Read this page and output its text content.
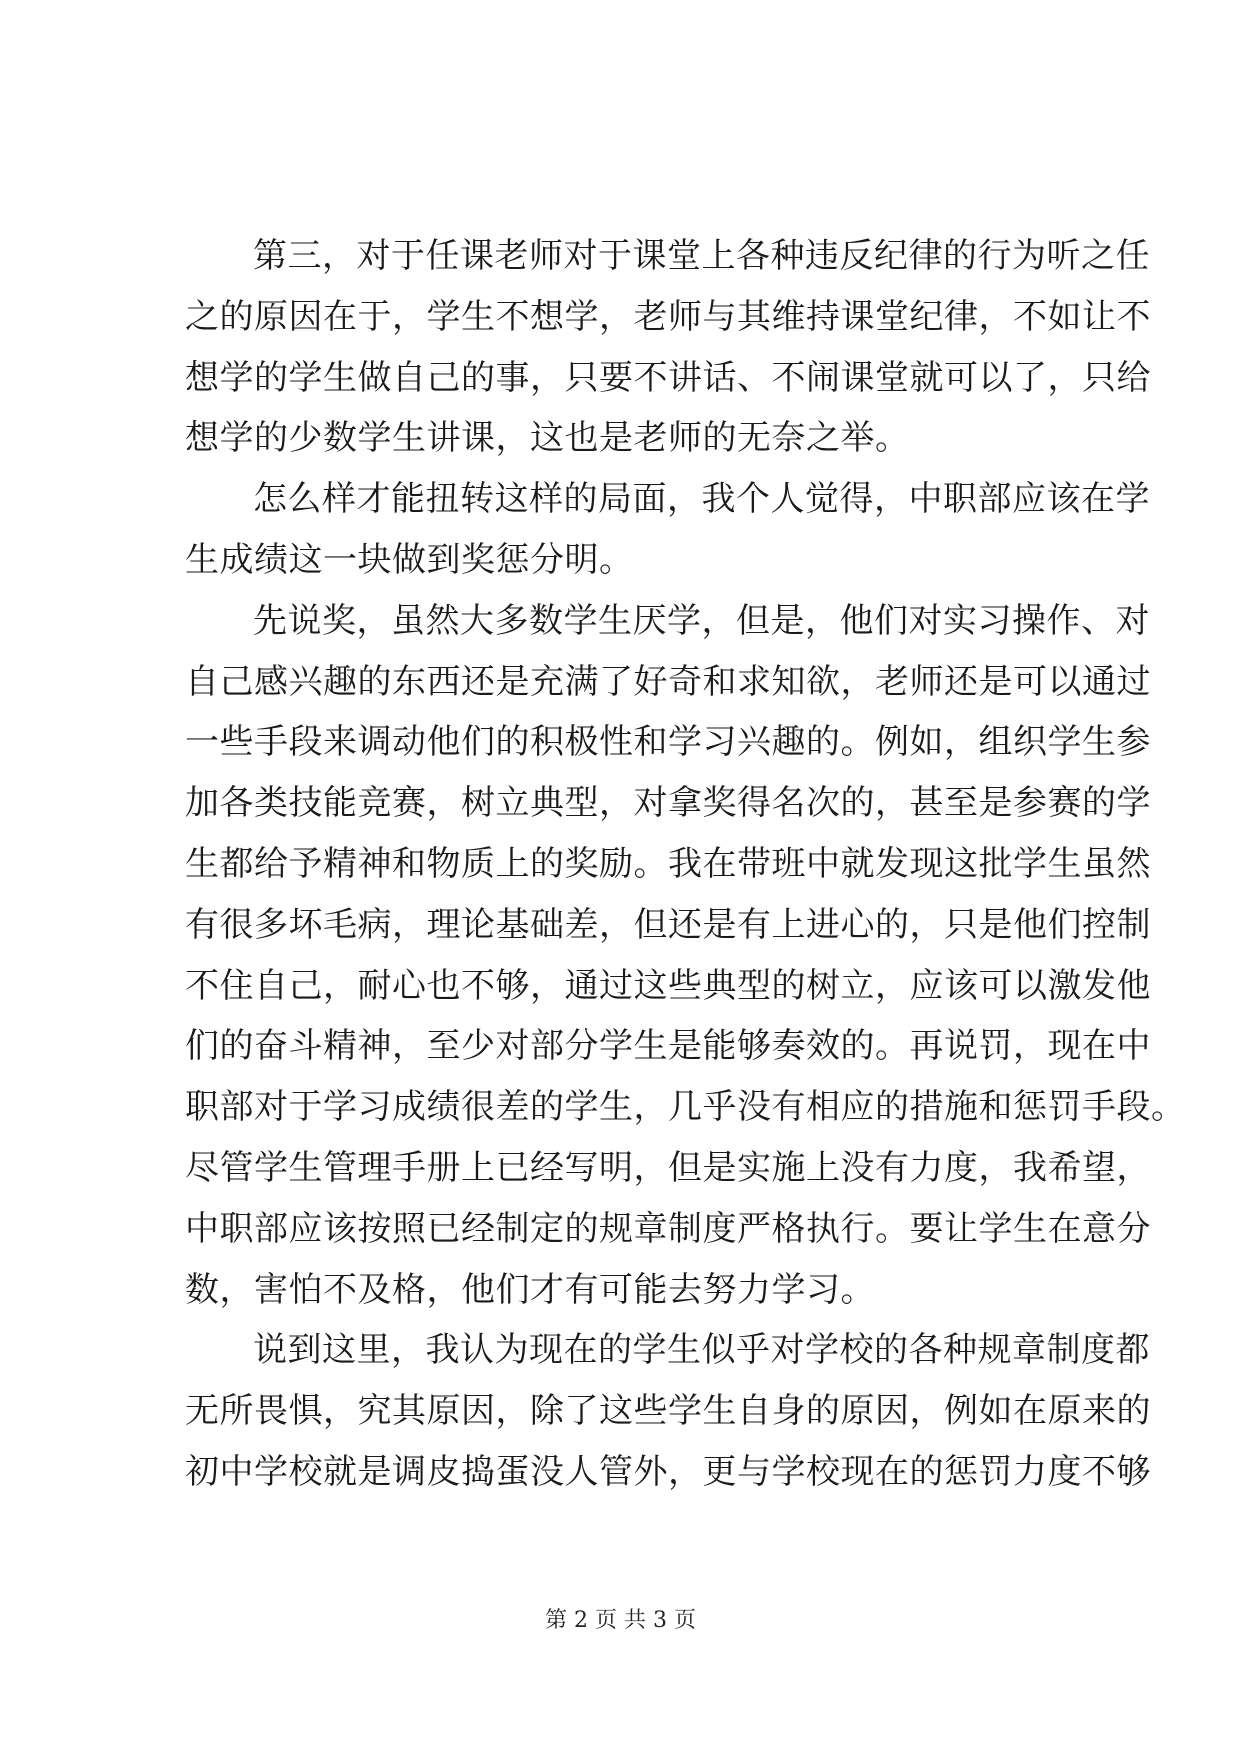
第三，对于任课老师对于课堂上各种违反纪律的行为听之任
之的原因在于，学生不想学，老师与其维持课堂纪律，不如让不
想学的学生做自己的事，只要不讲话、不闹课堂就可以了，只给
想学的少数学生讲课，这也是老师的无奈之举。
怎么样才能扭转这样的局面，我个人觉得，中职部应该在学
生成绩这一块做到奖惩分明。
先说奖，虽然大多数学生厌学，但是，他们对实习操作、对
自己感兴趣的东西还是充满了好奇和求知欲，老师还是可以通过
一些手段来调动他们的积极性和学习兴趣的。例如，组织学生参
加各类技能竞赛，树立典型，对拿奖得名次的，甚至是参赛的学
生都给予精神和物质上的奖励。我在带班中就发现这批学生虽然
有很多坏毛病，理论基础差，但还是有上进心的，只是他们控制
不住自己，耐心也不够，通过这些典型的树立，应该可以激发他
们的奋斗精神，至少对部分学生是能够奏效的。再说罚，现在中
职部对于学习成绩很差的学生，几乎没有相应的措施和惩罚手段。
尽管学生管理手册上已经写明，但是实施上没有力度，我希望，
中职部应该按照已经制定的规章制度严格执行。要让学生在意分
数，害怕不及格，他们才有可能去努力学习。
说到这里，我认为现在的学生似乎对学校的各种规章制度都
无所畏惧，究其原因，除了这些学生自身的原因，例如在原来的
初中学校就是调皮捣蛋没人管外，更与学校现在的惩罚力度不够
第 2 页 共 3 页
